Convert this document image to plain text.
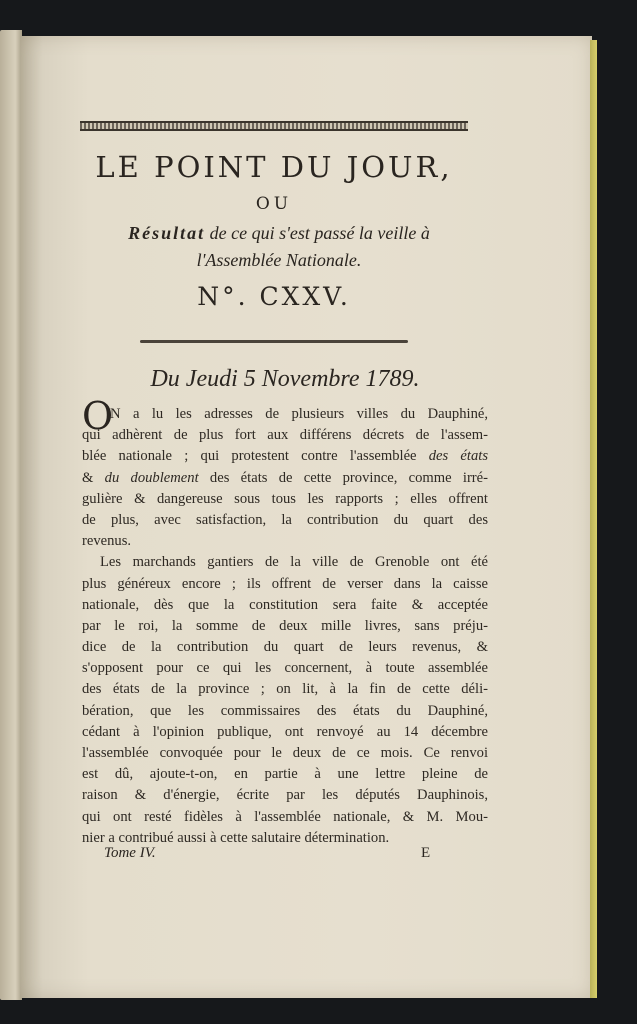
LE POINT DU JOUR,
OU
Résultat de ce qui s'est passé la veille à
l'Assemblée Nationale.
N°. CXXV.
Du Jeudi 5 Novembre 1789.
O
N a lu les adresses de plusieurs villes du Dauphiné,
qui adhèrent de plus fort aux différens décrets de l'assem-
blée nationale ; qui protestent contre l'assemblée des états
& du doublement des états de cette province, comme irré-
gulière & dangereuse sous tous les rapports ; elles offrent
de plus, avec satisfaction, la contribution du quart des
revenus.
Les marchands gantiers de la ville de Grenoble ont été
plus généreux encore ; ils offrent de verser dans la caisse
nationale, dès que la constitution sera faite & acceptée
par le roi, la somme de deux mille livres, sans préju-
dice de la contribution du quart de leurs revenus, &
s'opposent pour ce qui les concernent, à toute assemblée
des états de la province ; on lit, à la fin de cette déli-
bération, que les commissaires des états du Dauphiné,
cédant à l'opinion publique, ont renvoyé au 14 décembre
l'assemblée convoquée pour le deux de ce mois. Ce renvoi
est dû, ajoute-t-on, en partie à une lettre pleine de
raison & d'énergie, écrite par les députés Dauphinois,
qui ont resté fidèles à l'assemblée nationale, & M. Mou-
nier a contribué aussi à cette salutaire détermination.
Tome IV.	E
